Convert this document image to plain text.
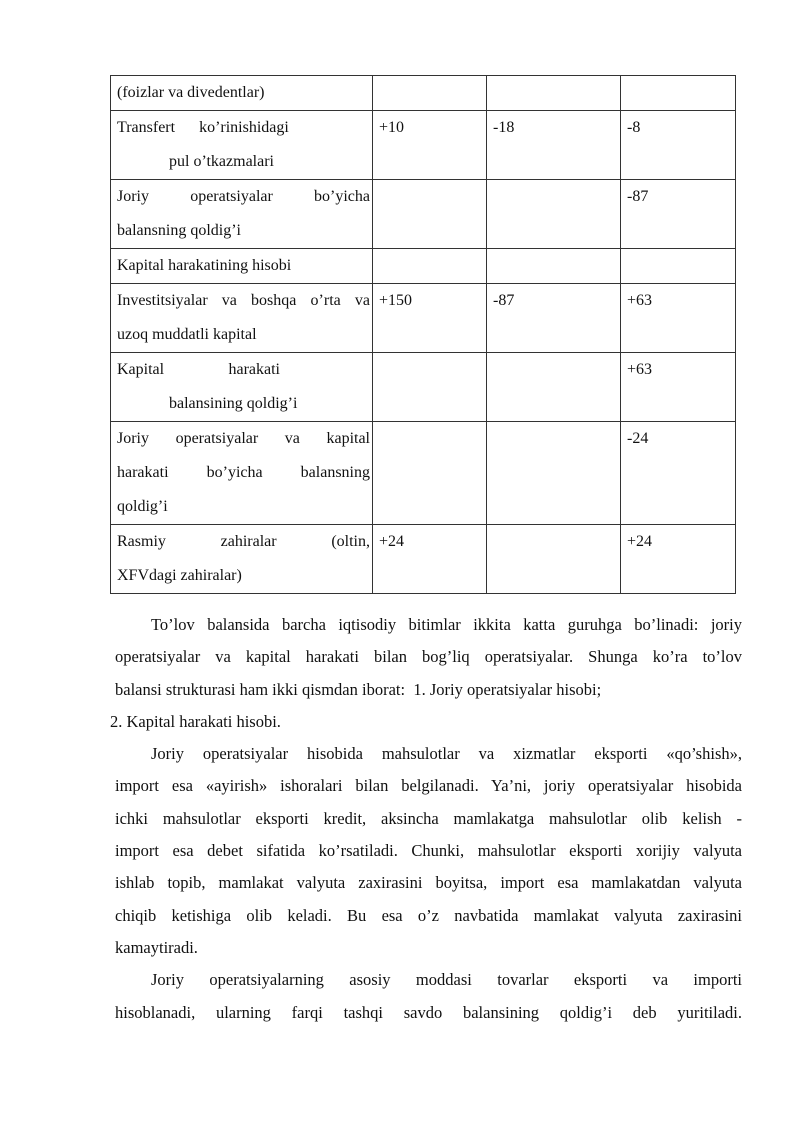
(foizlar va divedentlar)			

Transfert      ko’rinishidagi
pul o’tkazmalari	+10	-18	-8

Joriy operatsiyalar bo’yicha
balansning qoldig’i			-87

Kapital harakatining hisobi			

Investitsiyalar va boshqa o’rta va
uzoq muddatli kapital	+150	-87	+63

Kapital harakati
balansining qoldig’i			+63

Joriy operatsiyalar va kapital
harakati bo’yicha balansning
qoldig’i			-24

Rasmiy zahiralar (oltin,
XFVdagi zahiralar)	+24		+24
To’lov balansida barcha iqtisodiy bitimlar ikkita katta guruhga bo’linadi: joriy
operatsiyalar va kapital harakati bilan bog’liq operatsiyalar. Shunga ko’ra to’lov
balansi strukturasi ham ikki qismdan iborat:  1. Joriy operatsiyalar hisobi;
2. Kapital harakati hisobi.
Joriy operatsiyalar hisobida mahsulotlar va xizmatlar eksporti «qo’shish»,
import esa «ayirish» ishoralari bilan belgilanadi. Ya’ni, joriy operatsiyalar hisobida
ichki mahsulotlar eksporti kredit, aksincha mamlakatga mahsulotlar olib kelish -
import esa debet sifatida ko’rsatiladi. Chunki, mahsulotlar eksporti xorijiy valyuta
ishlab topib, mamlakat valyuta zaxirasini boyitsa, import esa mamlakatdan valyuta
chiqib ketishiga olib keladi. Bu esa o’z navbatida mamlakat valyuta zaxirasini
kamaytiradi.
Joriy operatsiyalarning asosiy moddasi tovarlar eksporti va importi
hisoblanadi, ularning farqi tashqi savdo balansining qoldig’i deb yuritiladi.
